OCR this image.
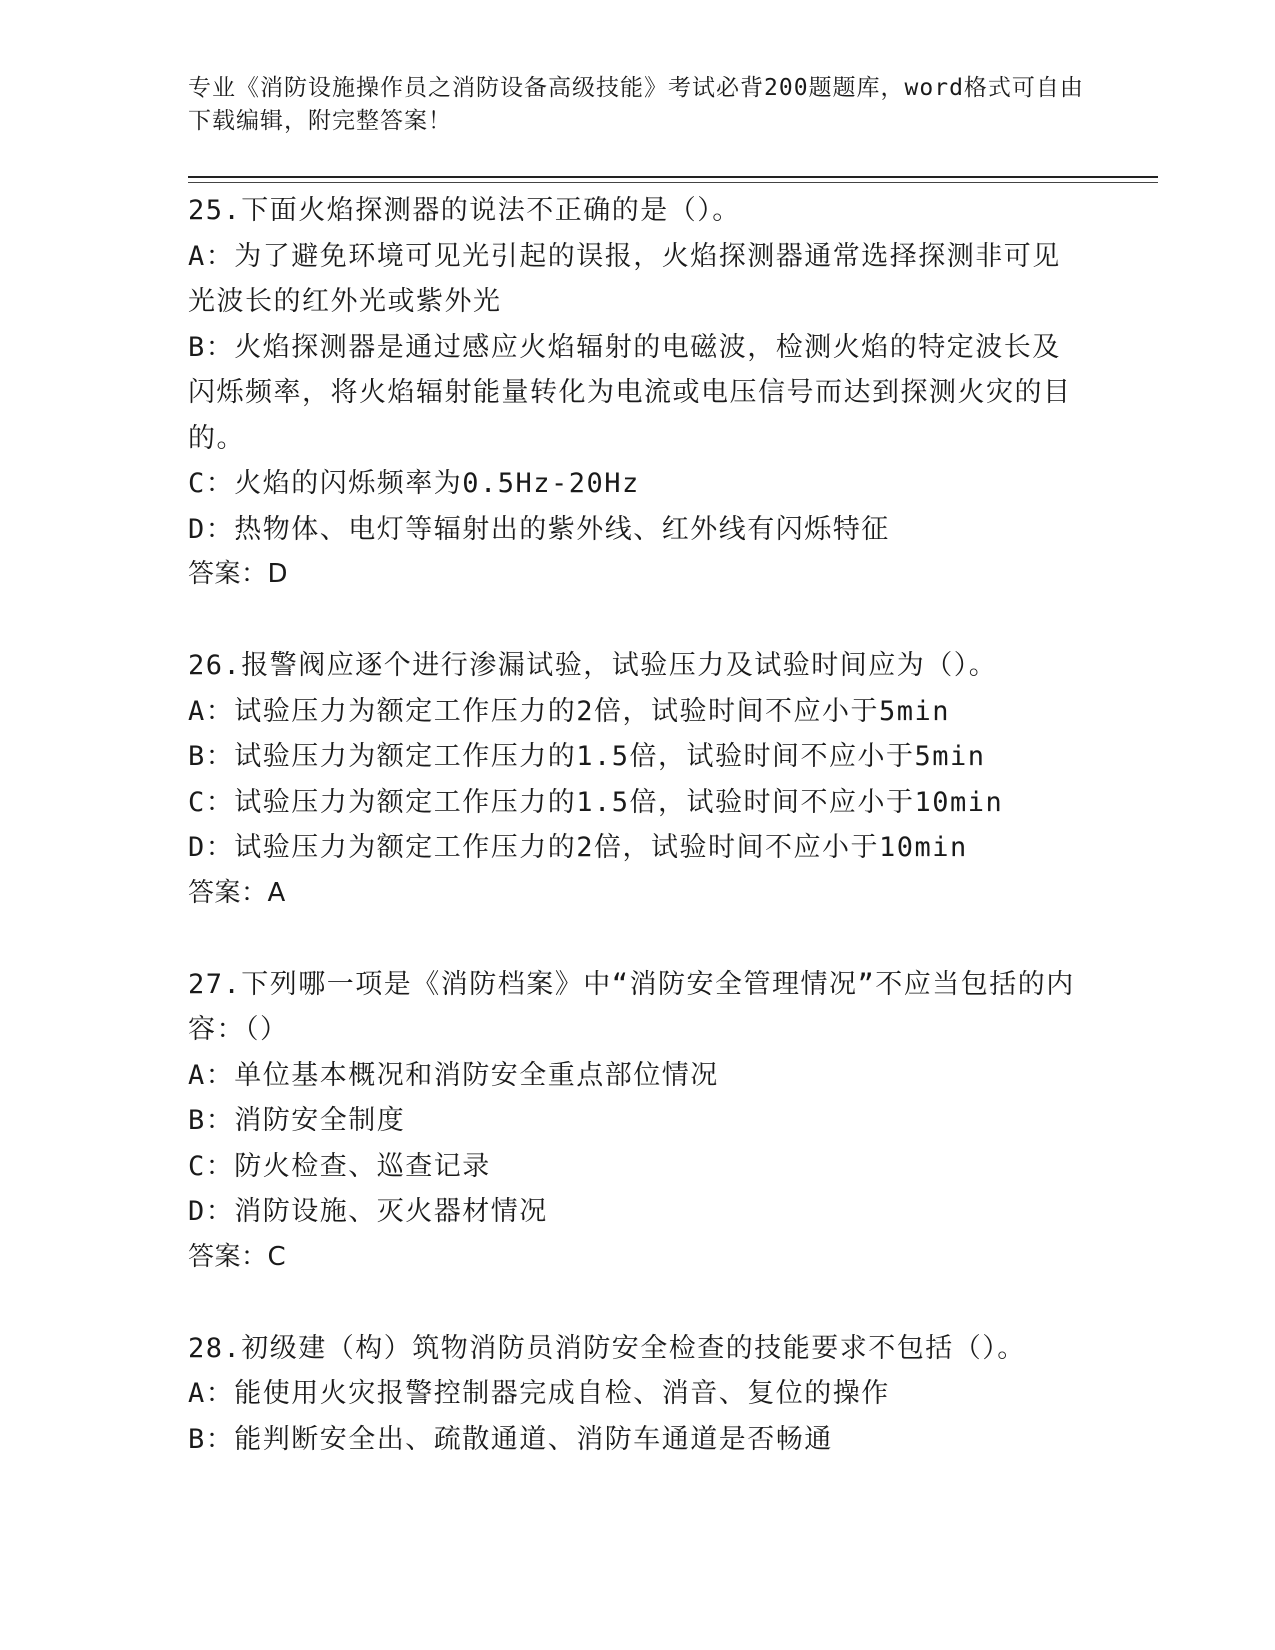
专业《消防设施操作员之消防设备高级技能》考试必背200题题库，word格式可自由下载编辑，附完整答案！
25.下面火焰探测器的说法不正确的是（）。
A：为了避免环境可见光引起的误报，火焰探测器通常选择探测非可见光波长的红外光或紫外光
B：火焰探测器是通过感应火焰辐射的电磁波，检测火焰的特定波长及闪烁频率，将火焰辐射能量转化为电流或电压信号而达到探测火灾的目的。
C：火焰的闪烁频率为0.5Hz-20Hz
D：热物体、电灯等辐射出的紫外线、红外线有闪烁特征
答案：D
26.报警阀应逐个进行渗漏试验，试验压力及试验时间应为（）。
A：试验压力为额定工作压力的2倍，试验时间不应小于5min
B：试验压力为额定工作压力的1.5倍，试验时间不应小于5min
C：试验压力为额定工作压力的1.5倍，试验时间不应小于10min
D：试验压力为额定工作压力的2倍，试验时间不应小于10min
答案：A
27.下列哪一项是《消防档案》中“消防安全管理情况”不应当包括的内容：（）
A：单位基本概况和消防安全重点部位情况
B：消防安全制度
C：防火检查、巡查记录
D：消防设施、灭火器材情况
答案：C
28.初级建（构）筑物消防员消防安全检查的技能要求不包括（）。
A：能使用火灾报警控制器完成自检、消音、复位的操作
B：能判断安全出、疏散通道、消防车通道是否畅通
